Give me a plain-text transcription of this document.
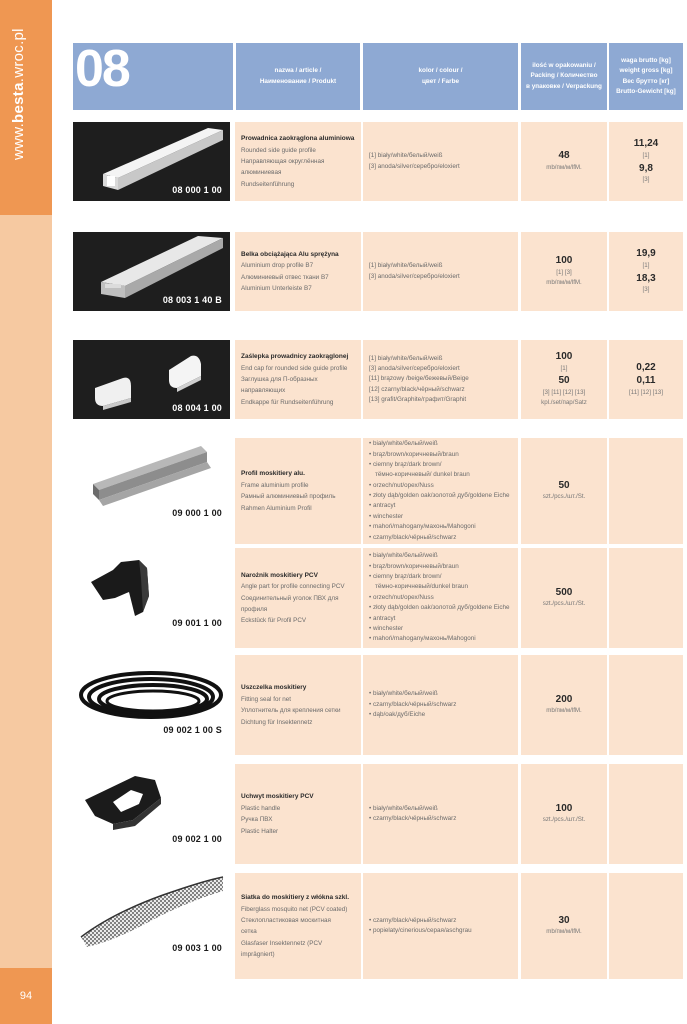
www.besta.wroc.pl
94
08	nazwa / article /
Наименование / Produkt
kolor / colour /
цвет / Farbe
ilość w opakowaniu /
Packing / Количество
в упаковке / Verpackung
waga brutto [kg]
weight gross [kg]
Вес брутто [кг]
Brutto-Gewicht [kg]
08 000 1 00
Prowadnica zaokrąglona aluminiowa
Rounded side guide profile
Направляющая округлённая
алюминиевая
Rundseitenführung
[1] biały/white/белый/weiß
[3] anoda/silver/серебро/eloxiert
48
mb/пм/м/lfM.
11,24
[1]
9,8
[3]
08 003 1 40 B
Belka obciążająca Alu sprężyna
Aluminium drop profile B7
Алюминиевый отвес ткани B7
Aluminium Unterleiste B7
[1] biały/white/белый/weiß
[3] anoda/silver/серебро/eloxiert
100
[1] [3]
mb/пм/м/lfM.
19,9
[1]
18,3
[3]
08 004 1 00
Zaślepka prowadnicy zaokrąglonej
End cap for rounded side guide profile
Заглушка для П-образных
направляющих
Endkappe für Rundseitenführung
[1] biały/white/белый/weiß
[3] anoda/silver/серебро/eloxiert
[11] brązowy /beige/бежевый/Beige
[12] czarny/black/чёрный/schwarz
[13] grafit/Graphite/графит/Graphit
100
[1]
50
[3] [11] [12] [13]
kpl./set/пар/Satz
0,22
0,11
[11] [12] [13]
09 000 1 00
Profil moskitiery alu.
Frame aluminium profile
Рамный алюминиевый профиль
Rahmen Aluminium Profil
• biały/white/белый/weiß
• brąz/brown/коричневый/braun
• ciemny brąz/dark brown/
тёмно-коричневый/ dunkel braun
• orzech/nut/орех/Nuss
• złoty dąb/golden oak/золотой дуб/goldene Eiche
• antracyt
• winchester
• mahoń/mahogany/махонь/Mahogoni
• czarny/black/чёрный/schwarz
50
szt./pcs./шт./St.
09 001 1 00
Narożnik moskitiery PCV
Angle part for profile connecting PCV
Соединительный уголок ПВХ для
профиля
Eckstück für Profil PCV
• biały/white/белый/weiß
• brąz/brown/коричневый/braun
• ciemny brąz/dark brown/
тёмно-коричневый/dunkel braun
• orzech/nut/орех/Nuss
• złoty dąb/golden oak/золотой дуб/goldene Eiche
• antracyt
• winchester
• mahoń/mahogany/махонь/Mahogoni
500
szt./pcs./шт./St.
09 002 1 00 S
Uszczelka moskitiery
Fitting seal for net
Уплотнитель для крепления сетки
Dichtung für Insektennetz
• biały/white/белый/weiß
• czarny/black/чёрный/schwarz
• dąb/oak/дуб/Eiche
200
mb/пм/м/lfM.
09 002 1 00
Uchwyt moskitiery PCV
Plastic handle
Ручка ПВХ
Plastic Halter
• biały/white/белый/weiß
• czarny/black/чёрный/schwarz
100
szt./pcs./шт./St.
09 003 1 00
Siatka do moskitiery z włókna szkl.
Fiberglass mosquito net (PCV coated)
Стеклопластиковая москитная
сетка
Glasfaser Insektennetz (PCV
imprägniert)
• czarny/black/чёрный/schwarz
• popielaty/cinerious/серая/aschgrau
30
mb/пм/м/lfM.
